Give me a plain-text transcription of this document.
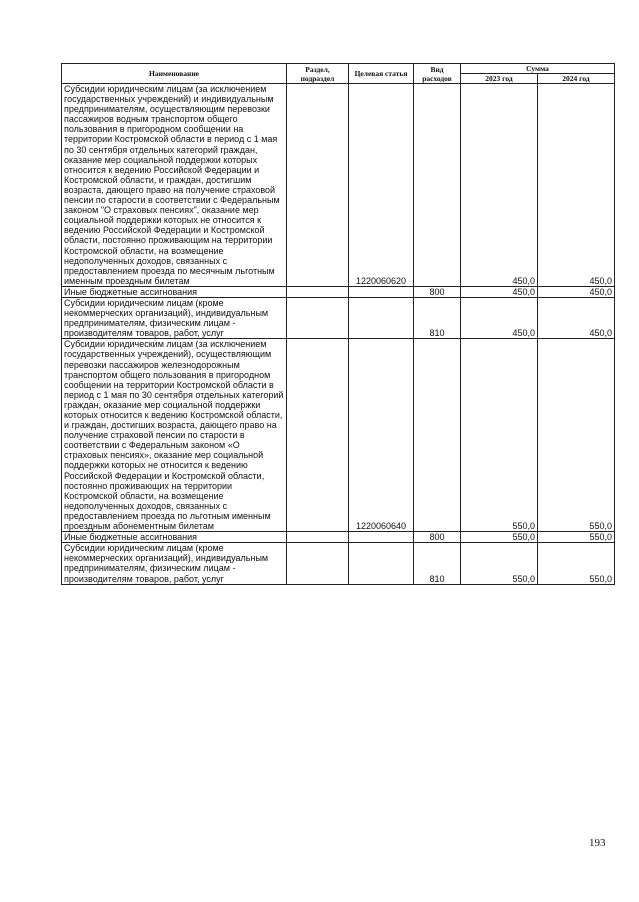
Наименование	Раздел, подраздел	Целевая статья	Вид расходов	Сумма	
				2023 год	2024 год
Субсидии юридическим лицам (за исключением государственных учреждений) и индивидуальным предпринимателям, осуществляющим перевозки пассажиров водным транспортом общего пользования в пригородном сообщении на территории Костромской области в период с 1 мая по 30 сентября отдельных категорий граждан, оказание мер социальной поддержки которых относится к ведению Российской Федерации и Костромской области, и граждан, достигшим возраста, дающего право на получение страховой пенсии по старости в соответствии с Федеральным законом "О страховых пенсиях", оказание мер социальной поддержки которых не относится к ведению Российской Федерации и Костромской области, постоянно проживающим на территории Костромской области, на возмещение недополученных доходов, связанных с предоставлением проезда по месячным льготным именным проездным билетам		1220060620		450,0	450,0
Иные бюджетные ассигнования			800	450,0	450,0
Субсидии юридическим лицам (кроме некоммерческих организаций), индивидуальным предпринимателям, физическим лицам - производителям товаров, работ, услуг			810	450,0	450,0
Субсидии юридическим лицам (за исключением государственных учреждений), осуществляющим перевозки пассажиров железнодорожным транспортом общего пользования в пригородном сообщении на территории Костромской области в период с 1 мая по 30 сентября отдельных категорий граждан, оказание мер социальной поддержки которых относится к ведению Костромской области, и граждан, достигших возраста, дающего право на получение страховой пенсии по старости в соответствии с Федеральным законом «О страховых пенсиях», оказание мер социальной поддержки которых не относится к ведению Российской Федерации и Костромской области, постоянно проживающих на территории Костромской области, на возмещение недополученных доходов, связанных с предоставлением проезда по льготным именным проездным абонементным билетам		1220060640		550,0	550,0
Иные бюджетные ассигнования			800	550,0	550,0
Субсидии юридическим лицам (кроме некоммерческих организаций), индивидуальным предпринимателям, физическим лицам - производителям товаров, работ, услуг			810	550,0	550,0
193
